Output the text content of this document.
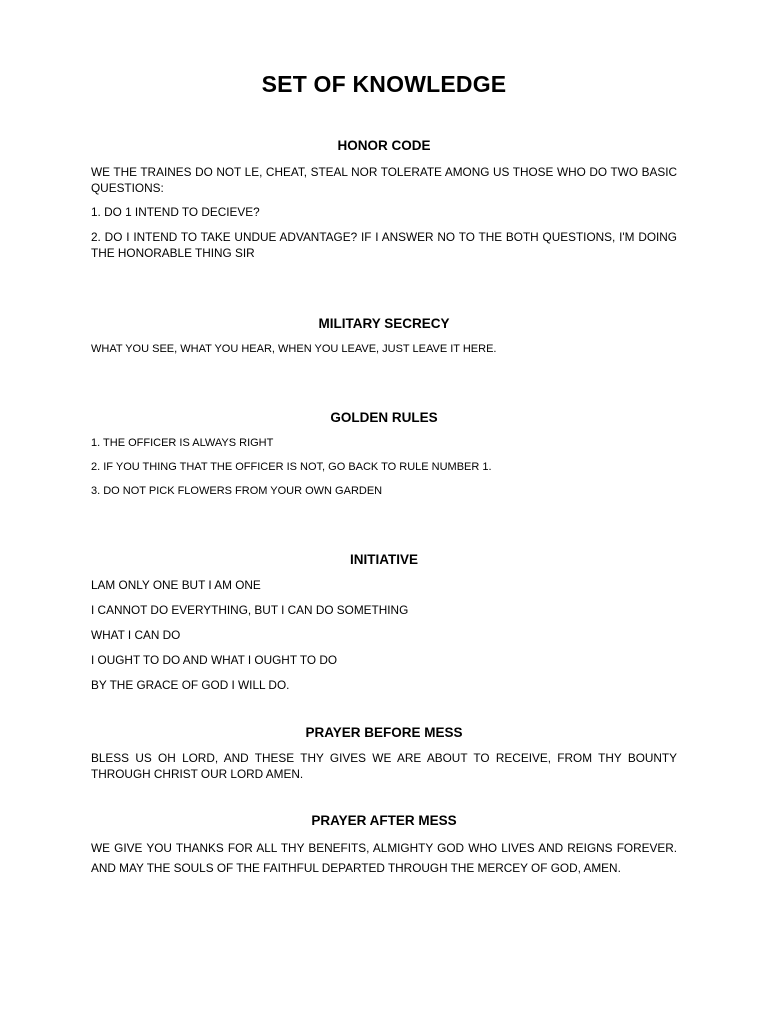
SET OF KNOWLEDGE
HONOR CODE

WE THE TRAINES DO NOT LE, CHEAT, STEAL NOR TOLERATE AMONG US THOSE WHO DO TWO BASIC QUESTIONS:

1. DO 1 INTEND TO DECIEVE?

2. DO I INTEND TO TAKE UNDUE ADVANTAGE? IF I ANSWER NO TO THE BOTH QUESTIONS, I'M DOING THE HONORABLE THING SIR

MILITARY SECRECY

WHAT YOU SEE, WHAT YOU HEAR, WHEN YOU LEAVE, JUST LEAVE IT HERE.

GOLDEN RULES

1. THE OFFICER IS ALWAYS RIGHT

2. IF YOU THING THAT THE OFFICER IS NOT, GO BACK TO RULE NUMBER 1.

3. DO NOT PICK FLOWERS FROM YOUR OWN GARDEN

INITIATIVE

LAM ONLY ONE BUT I AM ONE

I CANNOT DO EVERYTHING, BUT I CAN DO SOMETHING

WHAT I CAN DO

I OUGHT TO DO AND WHAT I OUGHT TO DO

BY THE GRACE OF GOD I WILL DO.

PRAYER BEFORE MESS

BLESS US OH LORD, AND THESE THY GIVES WE ARE ABOUT TO RECEIVE, FROM THY BOUNTY THROUGH CHRIST OUR LORD AMEN.

PRAYER AFTER MESS

WE GIVE YOU THANKS FOR ALL THY BENEFITS, ALMIGHTY GOD WHO LIVES AND REIGNS FOREVER. AND MAY THE SOULS OF THE FAITHFUL DEPARTED THROUGH THE MERCEY OF GOD, AMEN.
